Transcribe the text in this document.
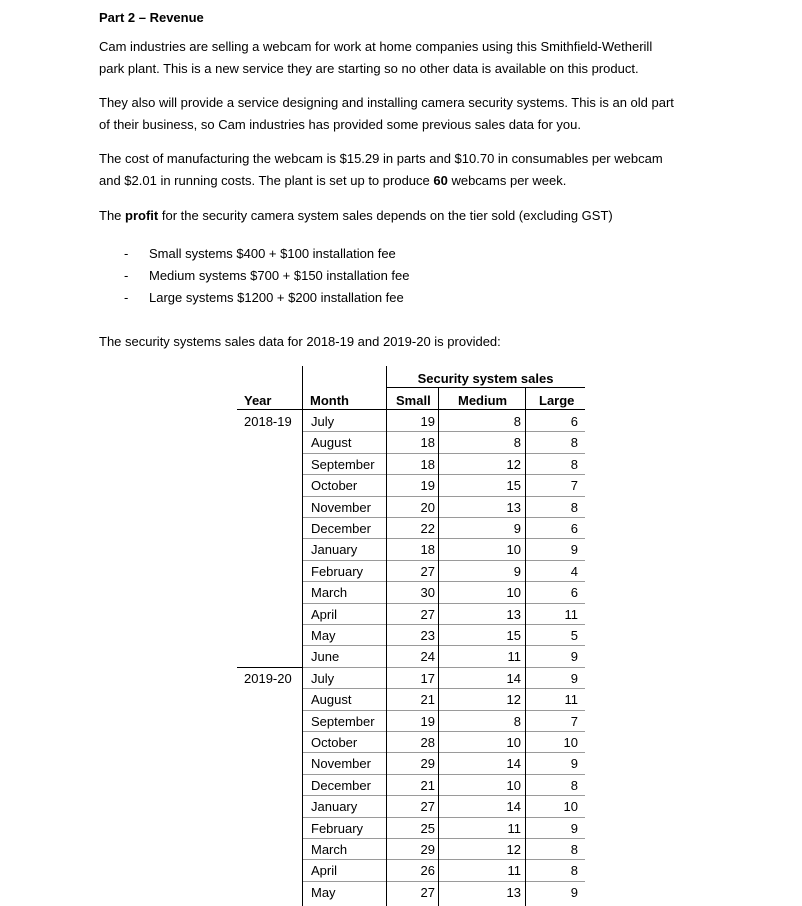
Part 2 – Revenue
Cam industries are selling a webcam for work at home companies using this Smithfield-Wetherill
park plant. This is a new service they are starting so no other data is available on this product.
They also will provide a service designing and installing camera security systems. This is an old part
of their business, so Cam industries has provided some previous sales data for you.
The cost of manufacturing the webcam is $15.29 in parts and $10.70 in consumables per webcam
and $2.01 in running costs. The plant is set up to produce 60 webcams per week.
The profit for the security camera system sales depends on the tier sold (excluding GST)
- Small systems $400 + $100 installation fee
- Medium systems $700 + $150 installation fee
- Large systems $1200 + $200 installation fee
The security systems sales data for 2018-19 and 2019-20 is provided:
Security system sales
Year	Month	Small Medium Large
2018-19 July	19	8	6
August	18	8	8
September	18	12	8
October	19	15	7
November	20	13	8
December	22	9	6
January	18	10	9
February	27	9	4
March	30	10	6
April	27	13	11
May	23	15	5
June	24	11	9
2019-20 July	17	14	9
August	21	12	11
September	19	8	7
October	28	10	10
November	29	14	9
December	21	10	8
January	27	14	10
February	25	11	9
March	29	12	8
April	26	11	8
May	27	13	9
